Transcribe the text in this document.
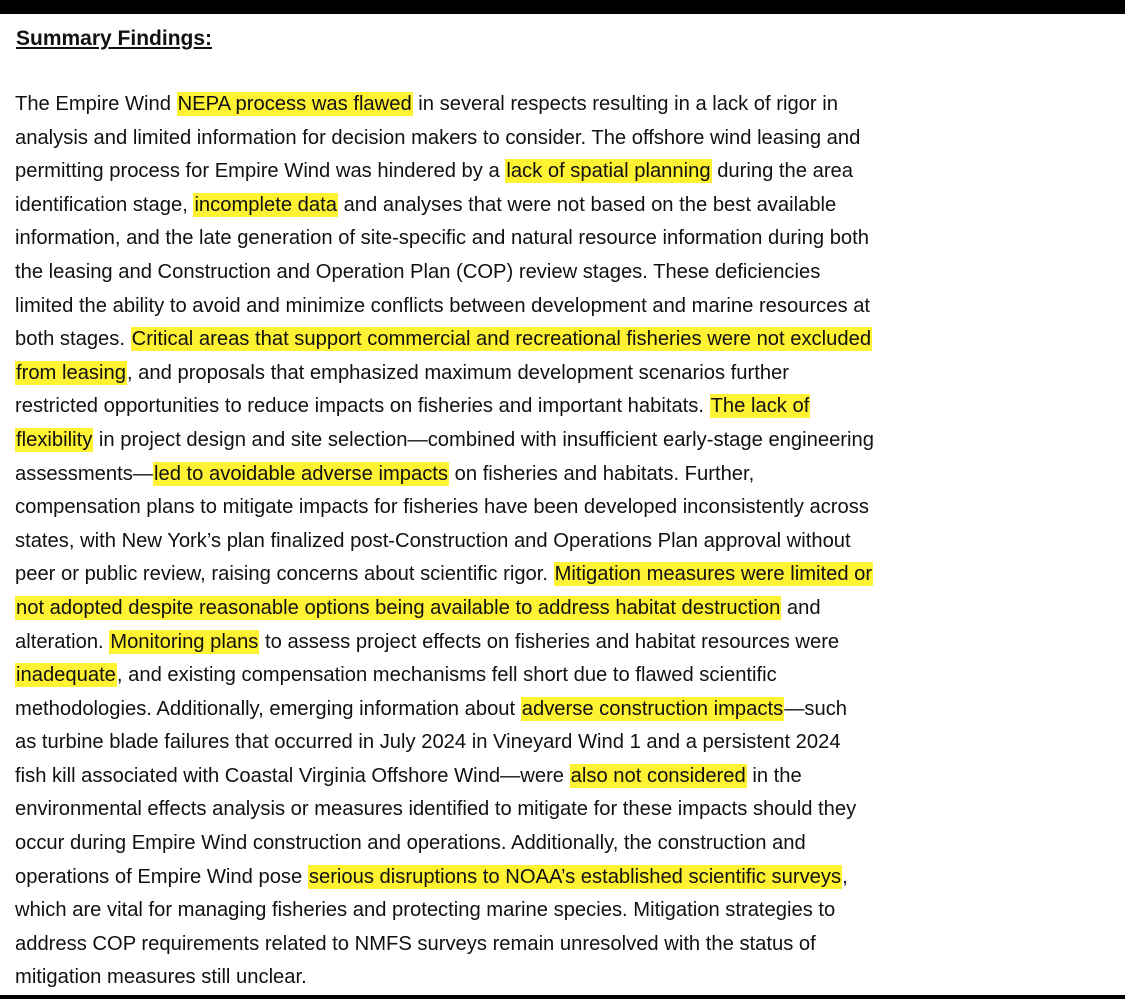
Summary Findings:
The Empire Wind NEPA process was flawed in several respects resulting in a lack of rigor in
analysis and limited information for decision makers to consider. The offshore wind leasing and
permitting process for Empire Wind was hindered by a lack of spatial planning during the area
identification stage, incomplete data and analyses that were not based on the best available
information, and the late generation of site-specific and natural resource information during both
the leasing and Construction and Operation Plan (COP) review stages. These deficiencies
limited the ability to avoid and minimize conflicts between development and marine resources at
both stages. Critical areas that support commercial and recreational fisheries were not excluded
from leasing, and proposals that emphasized maximum development scenarios further
restricted opportunities to reduce impacts on fisheries and important habitats. The lack of
flexibility in project design and site selection—combined with insufficient early-stage engineering
assessments—led to avoidable adverse impacts on fisheries and habitats. Further,
compensation plans to mitigate impacts for fisheries have been developed inconsistently across
states, with New York’s plan finalized post-Construction and Operations Plan approval without
peer or public review, raising concerns about scientific rigor. Mitigation measures were limited or
not adopted despite reasonable options being available to address habitat destruction and
alteration. Monitoring plans to assess project effects on fisheries and habitat resources were
inadequate, and existing compensation mechanisms fell short due to flawed scientific
methodologies. Additionally, emerging information about adverse construction impacts—such
as turbine blade failures that occurred in July 2024 in Vineyard Wind 1 and a persistent 2024
fish kill associated with Coastal Virginia Offshore Wind—were also not considered in the
environmental effects analysis or measures identified to mitigate for these impacts should they
occur during Empire Wind construction and operations. Additionally, the construction and
operations of Empire Wind pose serious disruptions to NOAA’s established scientific surveys,
which are vital for managing fisheries and protecting marine species. Mitigation strategies to
address COP requirements related to NMFS surveys remain unresolved with the status of
mitigation measures still unclear.
